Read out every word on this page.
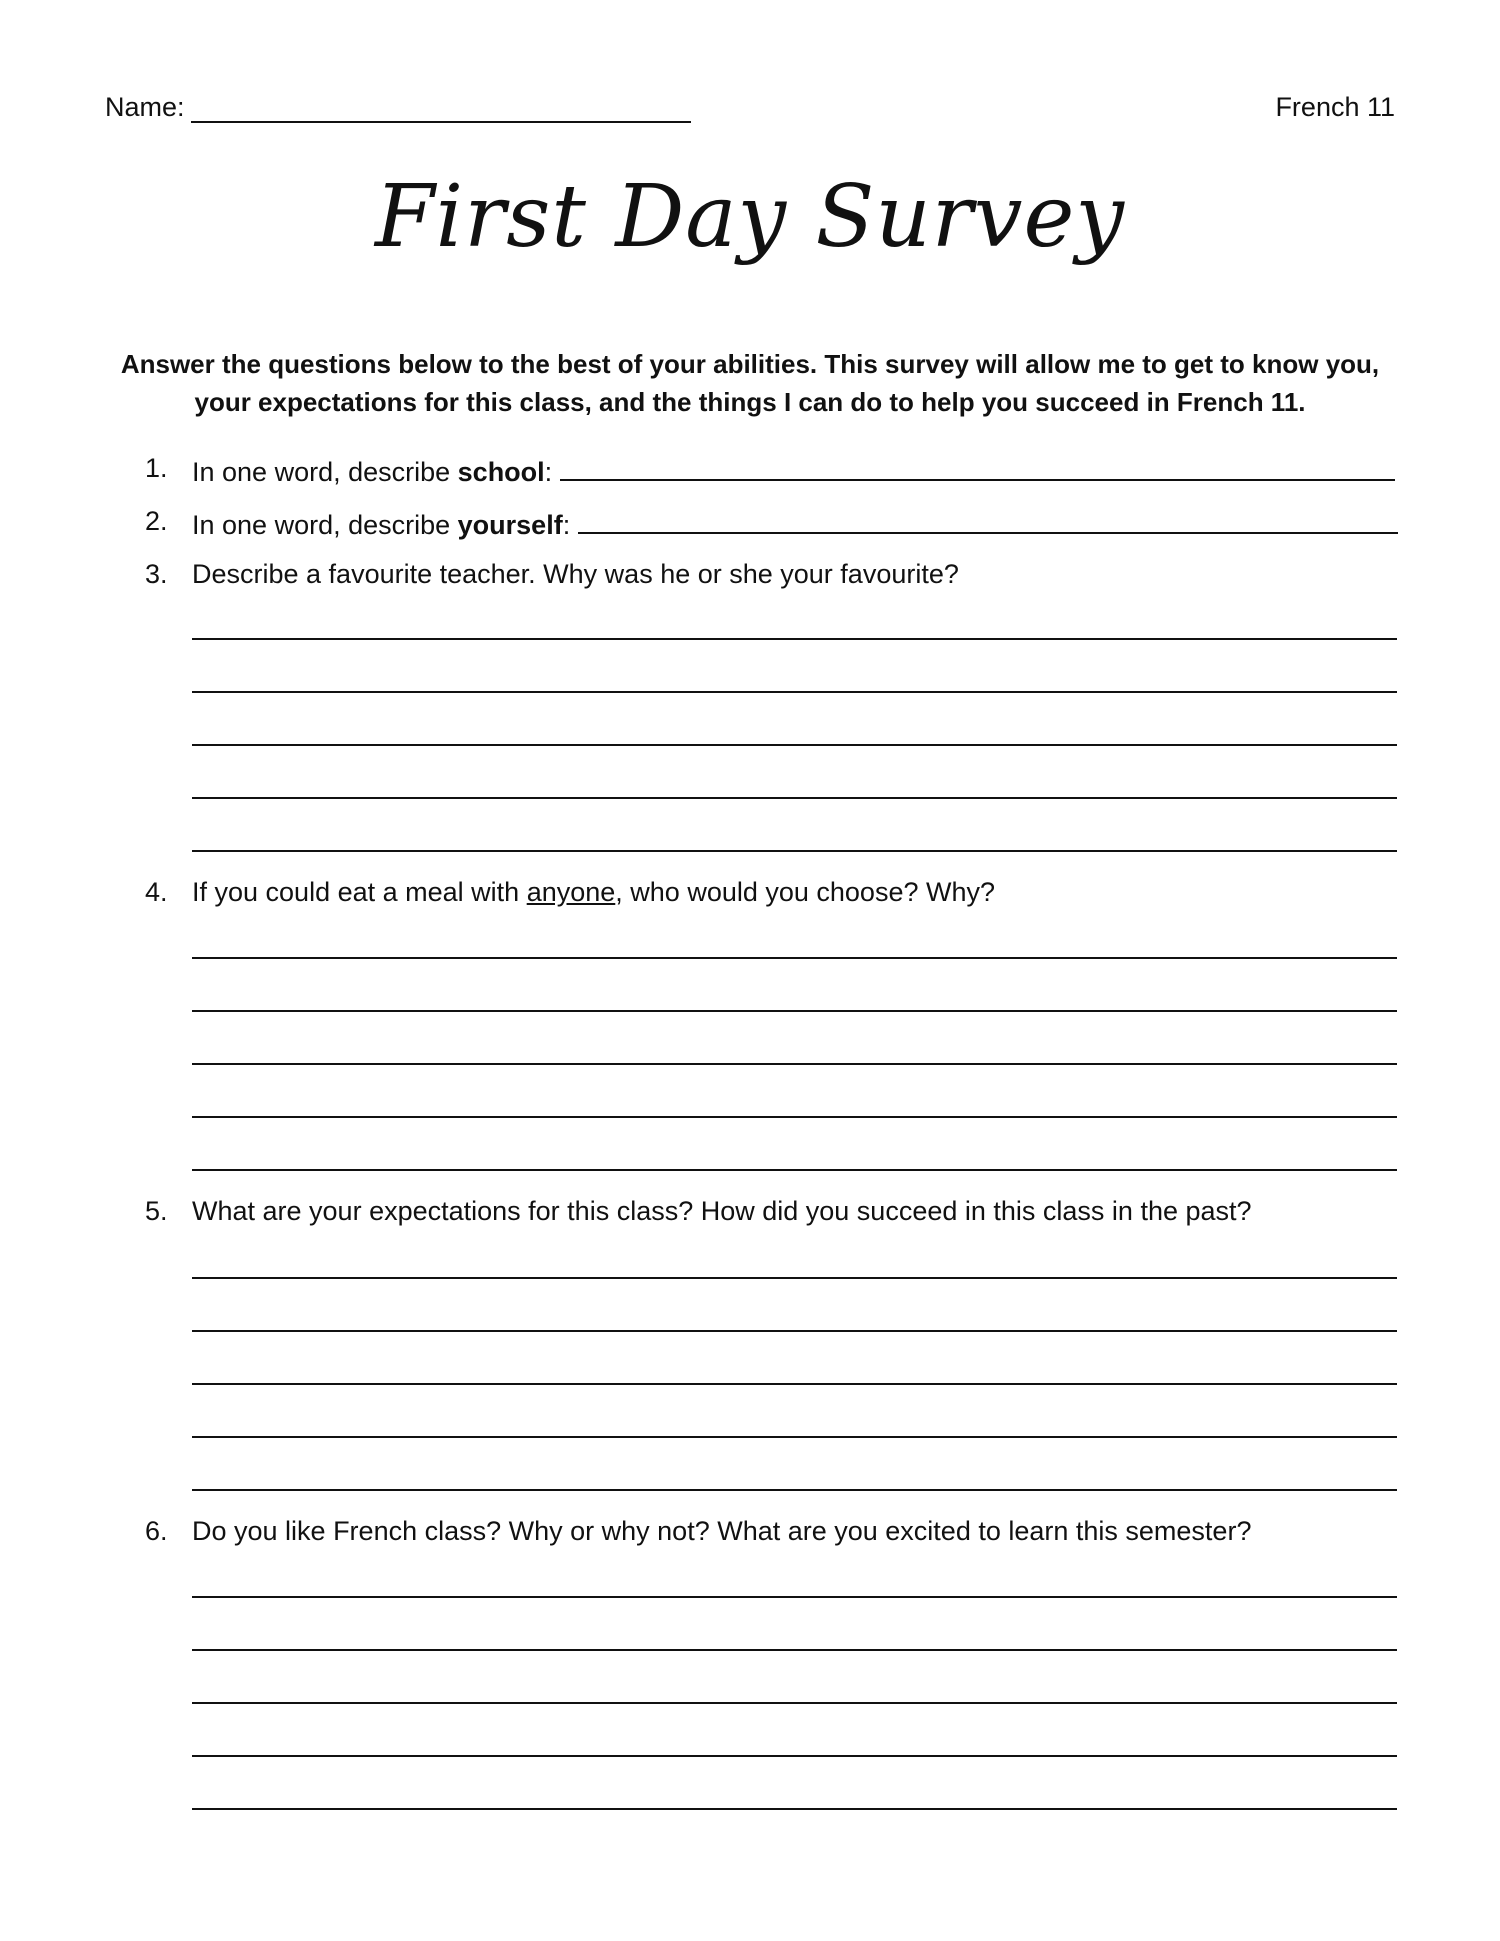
Name:	French 11
First Day Survey
Answer the questions below to the best of your abilities. This survey will allow me to get to know you,
your expectations for this class, and the things I can do to help you succeed in French 11.
1. In one word, describe school:
2. In one word, describe yourself:
3. Describe a favourite teacher. Why was he or she your favourite?
4. If you could eat a meal with anyone, who would you choose? Why?
5. What are your expectations for this class? How did you succeed in this class in the past?
6. Do you like French class? Why or why not? What are you excited to learn this semester?
